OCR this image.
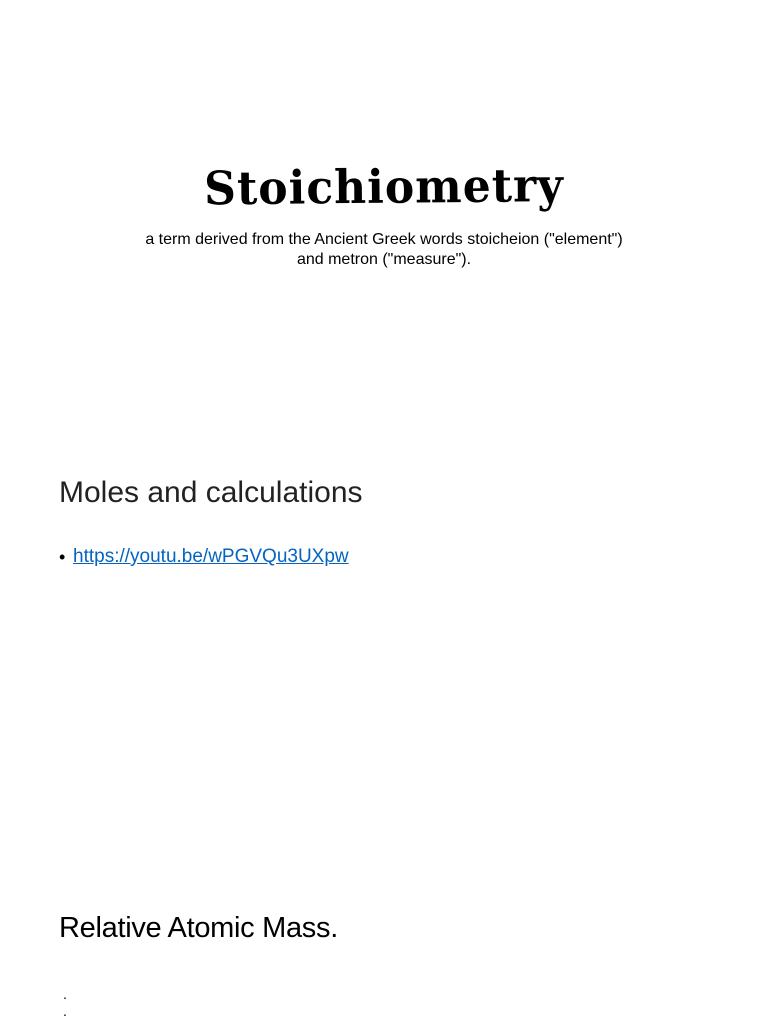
Stoichiometry
a term derived from the Ancient Greek words stoicheion ("element")
and metron ("measure").
Moles and calculations
• https://youtu.be/wPGVQu3UXpw
Relative Atomic Mass.
.
.
